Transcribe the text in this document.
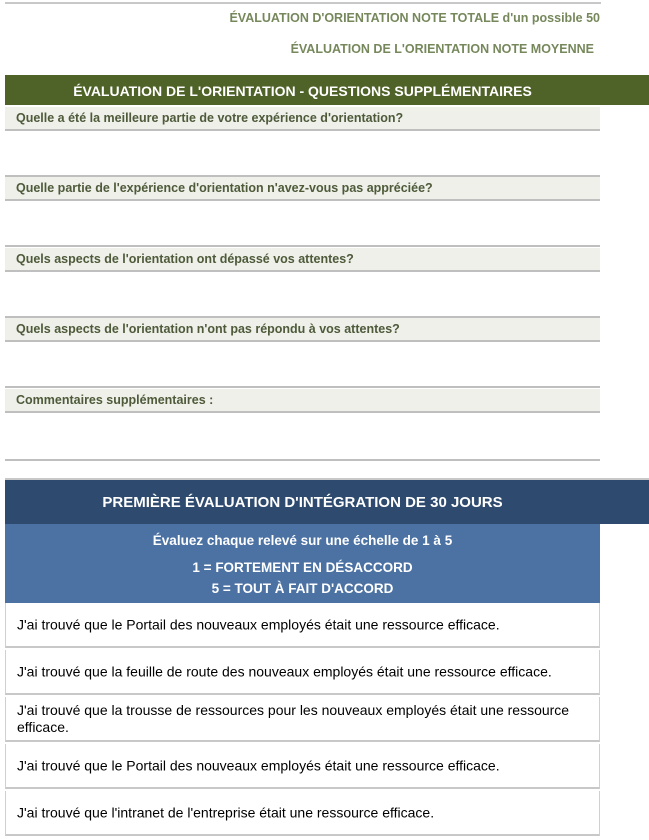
ÉVALUATION D'ORIENTATION NOTE TOTALE d'un possible 50
ÉVALUATION DE L'ORIENTATION NOTE MOYENNE
ÉVALUATION DE L'ORIENTATION - QUESTIONS SUPPLÉMENTAIRES
Quelle a été la meilleure partie de votre expérience d'orientation?
Quelle partie de l'expérience d'orientation n'avez-vous pas appréciée?
Quels aspects de l'orientation ont dépassé vos attentes?
Quels aspects de l'orientation n'ont pas répondu à vos attentes?
Commentaires supplémentaires :
PREMIÈRE ÉVALUATION D'INTÉGRATION DE 30 JOURS
Évaluez chaque relevé sur une échelle de 1 à 5
1 = FORTEMENT EN DÉSACCORD
5 = TOUT À FAIT D'ACCORD
J'ai trouvé que le Portail des nouveaux employés était une ressource efficace.
J'ai trouvé que la feuille de route des nouveaux employés était une ressource efficace.
J'ai trouvé que la trousse de ressources pour les nouveaux employés était une ressource efficace.
J'ai trouvé que le Portail des nouveaux employés était une ressource efficace.
J'ai trouvé que l'intranet de l'entreprise était une ressource efficace.
